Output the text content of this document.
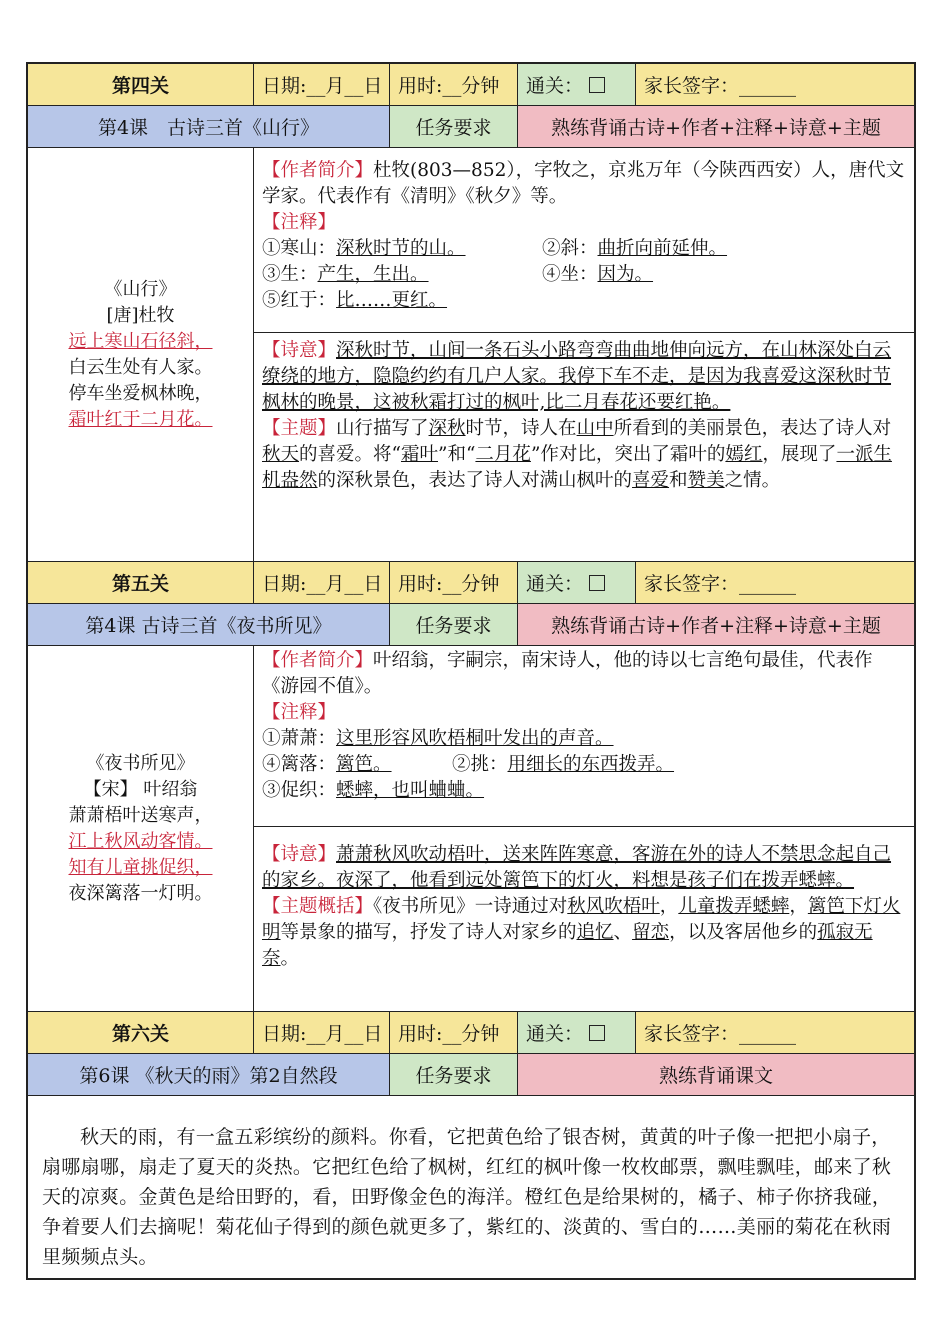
第四关	日期:__月__日 用时:__分钟	通关：	家长签字：______
第4课　古诗三首《山行》	任务要求	熟练背诵古诗+作者+注释+诗意+主题
《山行》
[唐]杜牧
远上寒山石径斜，
白云生处有人家。
停车坐爱枫林晚，
霜叶红于二月花。
【作者简介】杜牧(803—852），字牧之，京兆万年（今陕西西安）人，唐代文学家。代表作有《清明》《秋夕》等。
【注释】
①寒山：深秋时节的山。	②斜：曲折向前延伸。
③生：产生，生出。	④坐：因为。
⑤红于：比……更红。
【诗意】深秋时节，山间一条石头小路弯弯曲曲地伸向远方，在山林深处白云缭绕的地方，隐隐约约有几户人家。我停下车不走，是因为我喜爱这深秋时节枫林的晚景，这被秋霜打过的枫叶,比二月春花还要红艳。
【主题】山行描写了深秋时节，诗人在山中所看到的美丽景色，表达了诗人对秋天的喜爱。将“霜叶”和“二月花”作对比，突出了霜叶的嫣红，展现了一派生机盎然的深秋景色，表达了诗人对满山枫叶的喜爱和赞美之情。
第五关	日期:__月__日 用时:__分钟	通关：	家长签字：______
第4课 古诗三首《夜书所见》	任务要求	熟练背诵古诗+作者+注释+诗意+主题
《夜书所见》
【宋】 叶绍翁
萧萧梧叶送寒声，
江上秋风动客情。
知有儿童挑促织，
夜深篱落一灯明。
【作者简介】叶绍翁，字嗣宗，南宋诗人，他的诗以七言绝句最佳，代表作《游园不值》。
【注释】
①萧萧：这里形容风吹梧桐叶发出的声音。
④篱落：篱笆。	②挑：用细长的东西拨弄。
③促织：蟋蟀，也叫蛐蛐。
【诗意】萧萧秋风吹动梧叶，送来阵阵寒意，客游在外的诗人不禁思念起自己的家乡。夜深了，他看到远处篱笆下的灯火，料想是孩子们在拨弄蟋蟀。
【主题概括】《夜书所见》一诗通过对秋风吹梧叶，儿童拨弄蟋蟀，篱笆下灯火明等景象的描写，抒发了诗人对家乡的追忆、留恋，以及客居他乡的孤寂无奈。
第六关	日期:__月__日 用时:__分钟	通关：	家长签字：______
第6课 《秋天的雨》第2自然段	任务要求	熟练背诵课文
秋天的雨，有一盒五彩缤纷的颜料。你看，它把黄色给了银杏树，黄黄的叶子像一把把小扇子，扇哪扇哪，扇走了夏天的炎热。它把红色给了枫树，红红的枫叶像一枚枚邮票，飘哇飘哇，邮来了秋天的凉爽。金黄色是给田野的，看，田野像金色的海洋。橙红色是给果树的，橘子、柿子你挤我碰，争着要人们去摘呢！菊花仙子得到的颜色就更多了，紫红的、淡黄的、雪白的……美丽的菊花在秋雨里频频点头。
